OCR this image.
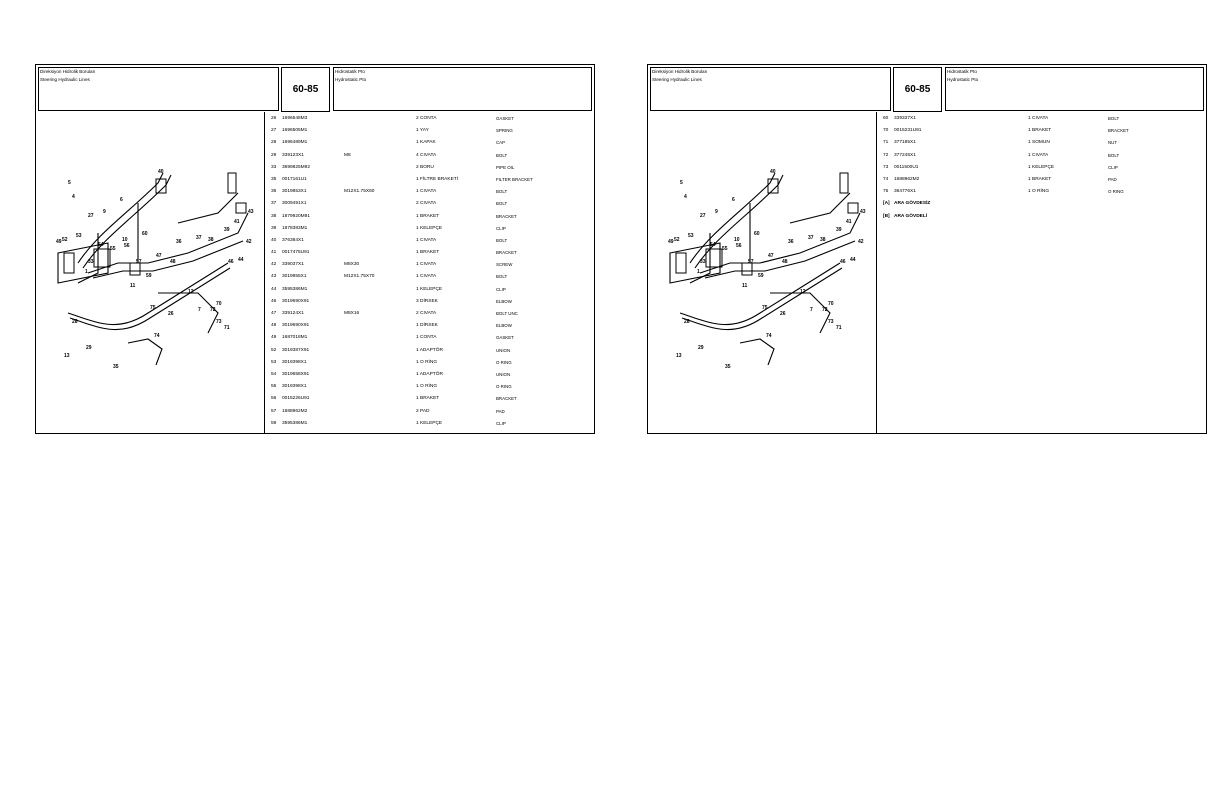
Direksiyon Hidrolik Boruları
Steering Hydraulic Lines
60-85
Hidrostatik Pto
Hydrostatic Pto
6
5
4
27
9
1
35
33
40
36
37 38
39
41
42
43
44
46
47
48
49 52
53
54
55 56
57
59
60
70
71
72
73
74
75
26
28
29
13
12
7
11
10
26 1696548M3	2 CONTA	GASKET
27 1696505M1	1 YAY	SPRING
28 1696489M1	1 KAPAK	CAP
29 339123X1	M8	4 CIVATA	BOLT
33 3699825M92	2 BORU	PIPE OIL
35 0017161U1	1 FİLTRE BRAKETİ	FILTER BRACKET
36 3019853X1	M12X1.75X60	1 CIVATA	BOLT
37 3009491X1	2 CIVATA	BOLT
38 1879920M91	1 BRAKET	BRACKET
39 1878383M1	1 KELEPÇE	CLIP
40 376384X1	1 CIVATA	BOLT
41 0017475U91	1 BRAKET	BRACKET
42 339037X1	M8X30	1 CIVATA	SCREW
43 3019855X1	M12X1.75X70	1 CIVATA	BOLT
44 3595386M1	1 KELEPÇE	CLIP
46 3019690X91	3 DİRSEK	ELBOW
47 339124X1	M8X16	2 CIVATA	BOLT UNC
48 3019690X91	1 DİRSEK	ELBOW
49 1687018M1	1 CONTA	GASKET
52 3019387X91	1 ADAPTÖR	UNION
53 3019398X1	1 O RİNG	O RING
54 3019658X91	1 ADAPTÖR	UNION
55 3019398X1	1 O RİNG	O RING
56 0015226U91	1 BRAKET	BRACKET
57 1688962M2	2 PAD	PAD
59 3595386M1	1 KELEPÇE	CLIP
Direksiyon Hidrolik Boruları
Steering Hydraulic Lines
60-85
Hidrostatik Pto
Hydrostatic Pto
6
5
4
27
9
1
35
33
40
36
37 38
39
41
42
43
44
46
47
48
49 52
53
54
55 56
57
59
60
70
71
72
73
74
75
26
28
29
13
12
7
11
10
60 339337X1	1 CIVATA	BOLT
70 0015231U91	1 BRAKET	BRACKET
71 377185X1	1 SOMUN	NUT
72 377245X1	1 CIVATA	BOLT
73 0011500U1	1 KELEPÇE	CLIP
74 1688962M2	1 BRAKET	PAD
75 364776X1	1 O RİNG	O RING
[A] ARA GÖVDESİZ
[B] ARA GÖVDELİ
